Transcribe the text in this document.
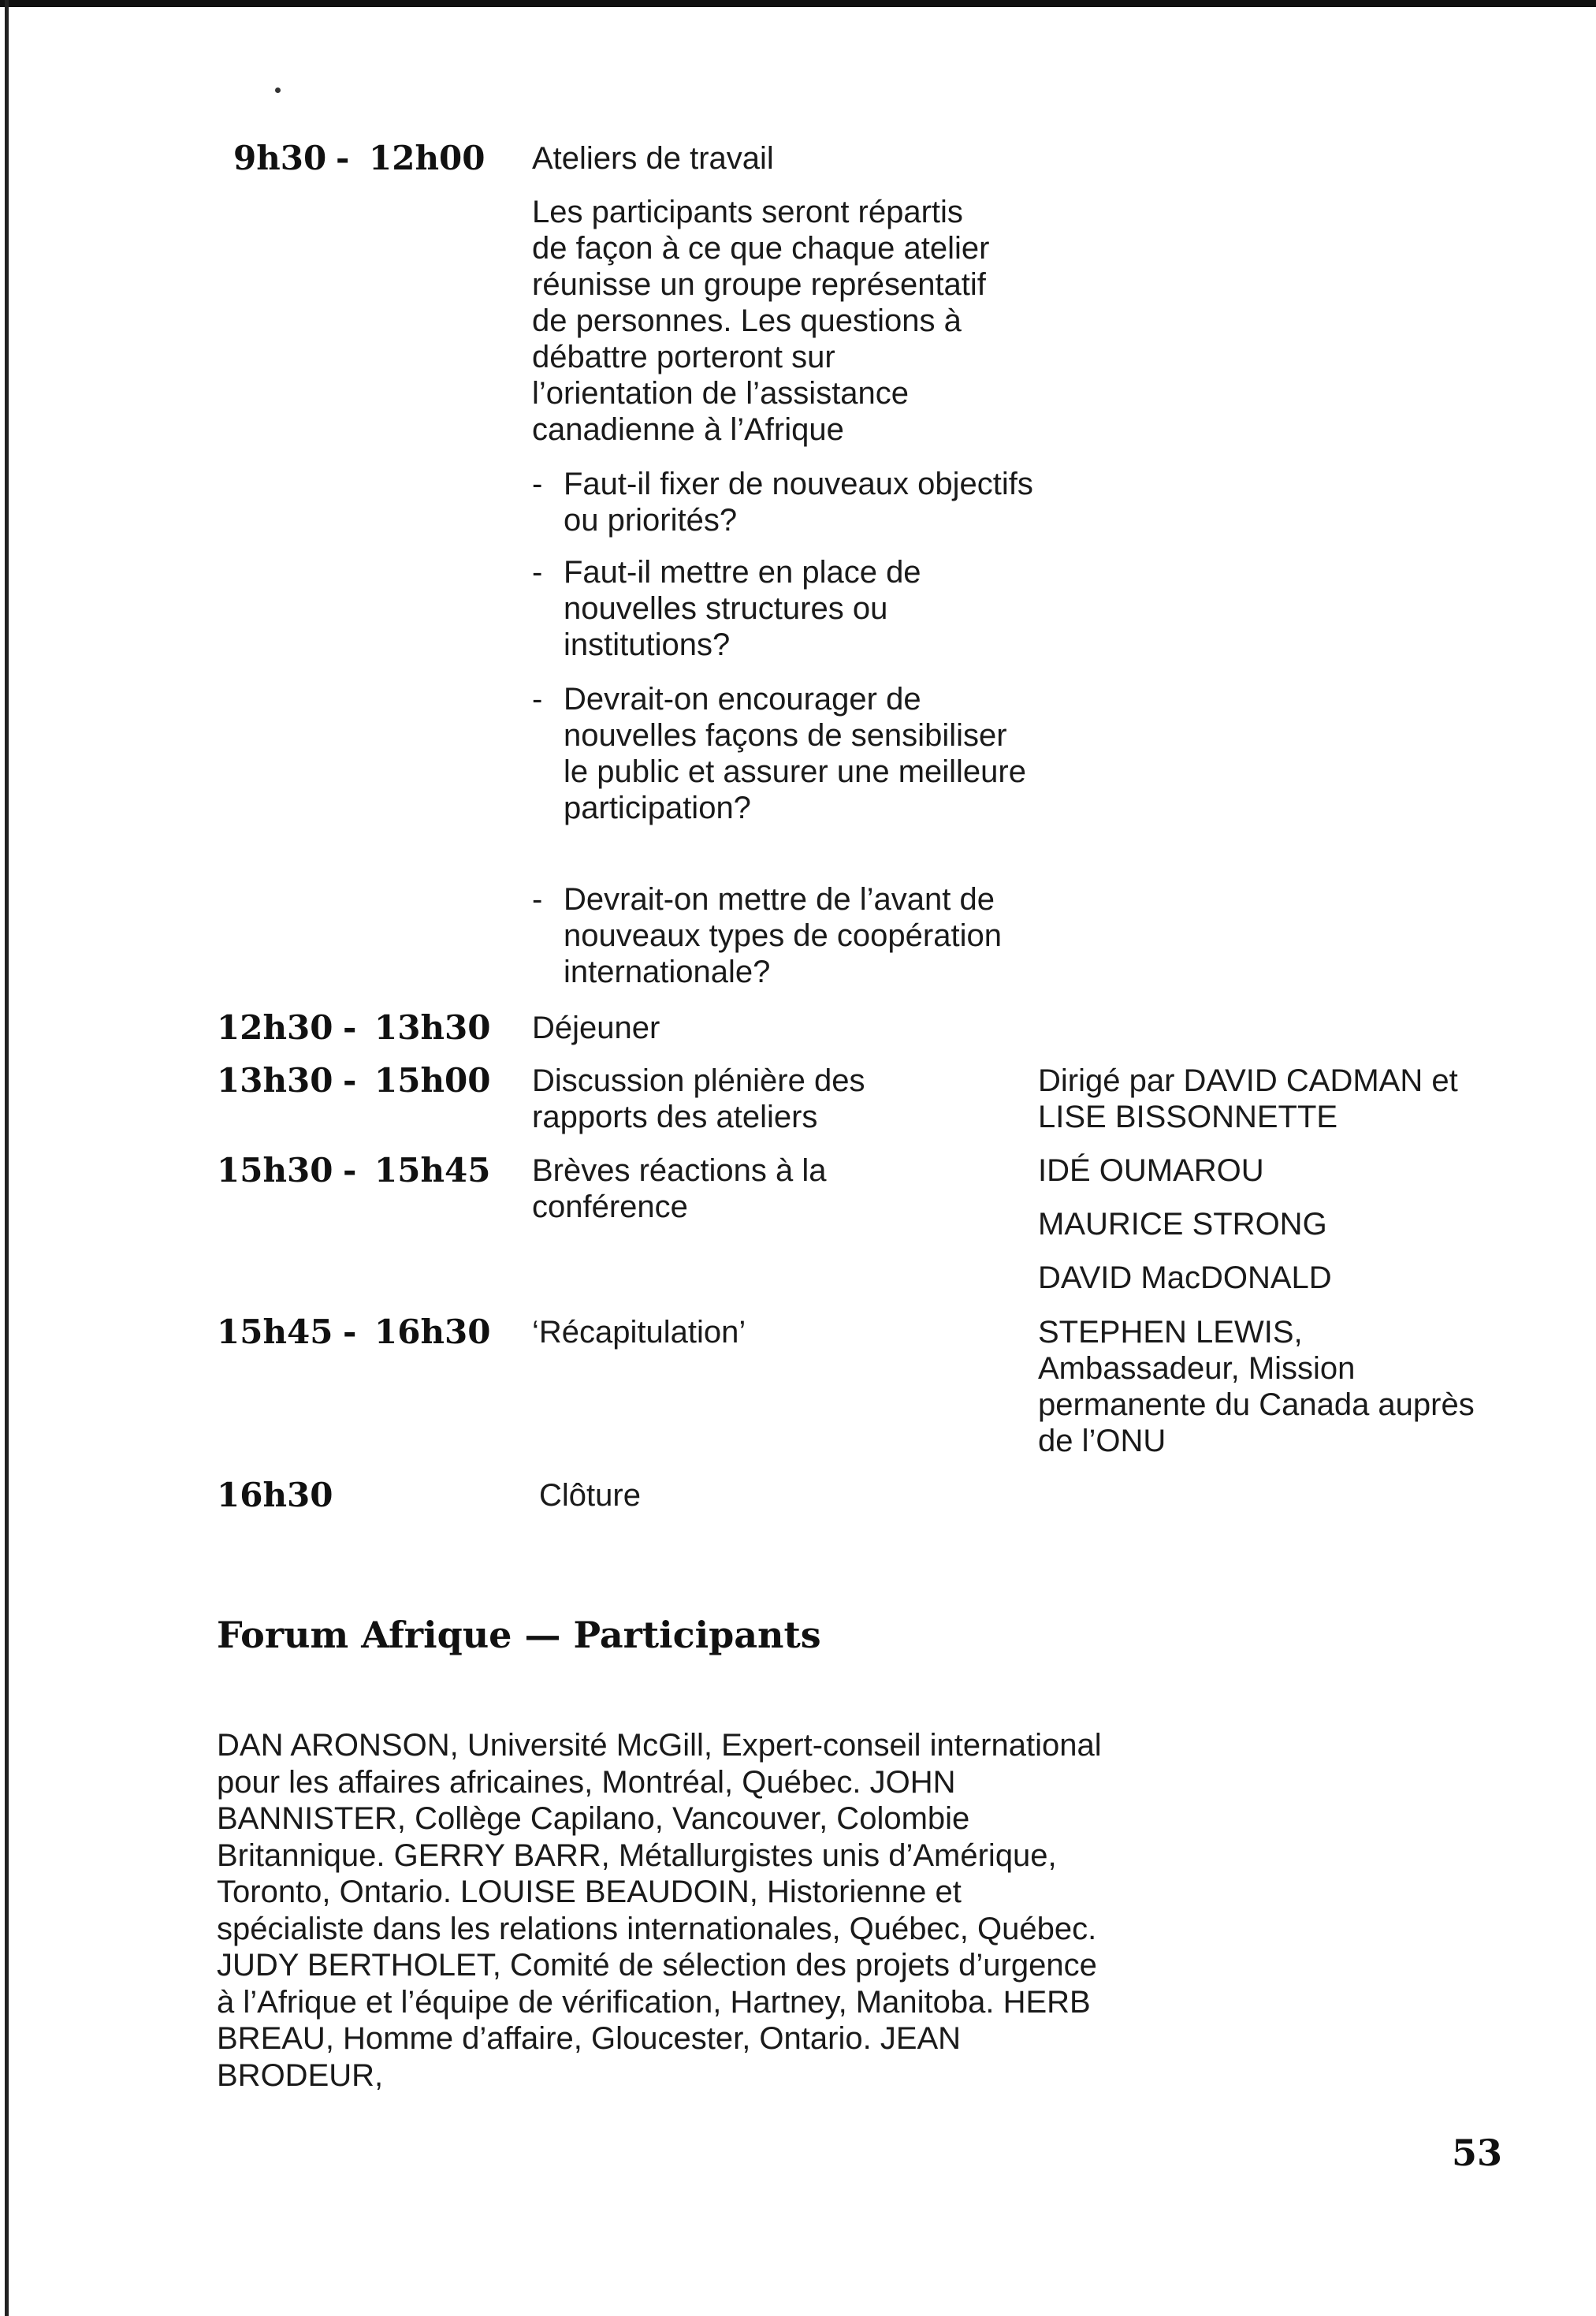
9h30 - 12h00 Ateliers de travail
Les participants seront répartis de façon à ce que chaque atelier réunisse un groupe représentatif de personnes. Les questions à débattre porteront sur l’orientation de l’assistance canadienne à l’Afrique
- Faut-il fixer de nouveaux objectifs ou priorités?
- Faut-il mettre en place de nouvelles structures ou institutions?
- Devrait-on encourager de nouvelles façons de sensibiliser le public et assurer une meilleure participation?
- Devrait-on mettre de l’avant de nouveaux types de coopération internationale?
12h30 - 13h30 Déjeuner
13h30 - 15h00 Discussion plénière des rapports des ateliers
Dirigé par DAVID CADMAN et LISE BISSONNETTE
15h30 - 15h45 Brèves réactions à la conférence
IDÉ OUMAROU
MAURICE STRONG
DAVID MacDONALD
15h45 - 16h30 ‘Récapitulation’	STEPHEN LEWIS,
Ambassadeur, Mission permanente du Canada auprès de l’ONU
16h30	Clôture
Forum Afrique — Participants
DAN ARONSON, Université McGill, Expert-conseil international pour les affaires africaines, Montréal, Québec. JOHN BANNISTER, Collège Capilano, Vancouver, Colombie Britannique. GERRY BARR, Métallurgistes unis d’Amérique, Toronto, Ontario. LOUISE BEAUDOIN, Historienne et spécialiste dans les relations internationales, Québec, Québec. JUDY BERTHOLET, Comité de sélection des projets d’urgence à l’Afrique et l’équipe de vérification, Hartney, Manitoba. HERB BREAU, Homme d’affaire, Gloucester, Ontario. JEAN BRODEUR,
53
